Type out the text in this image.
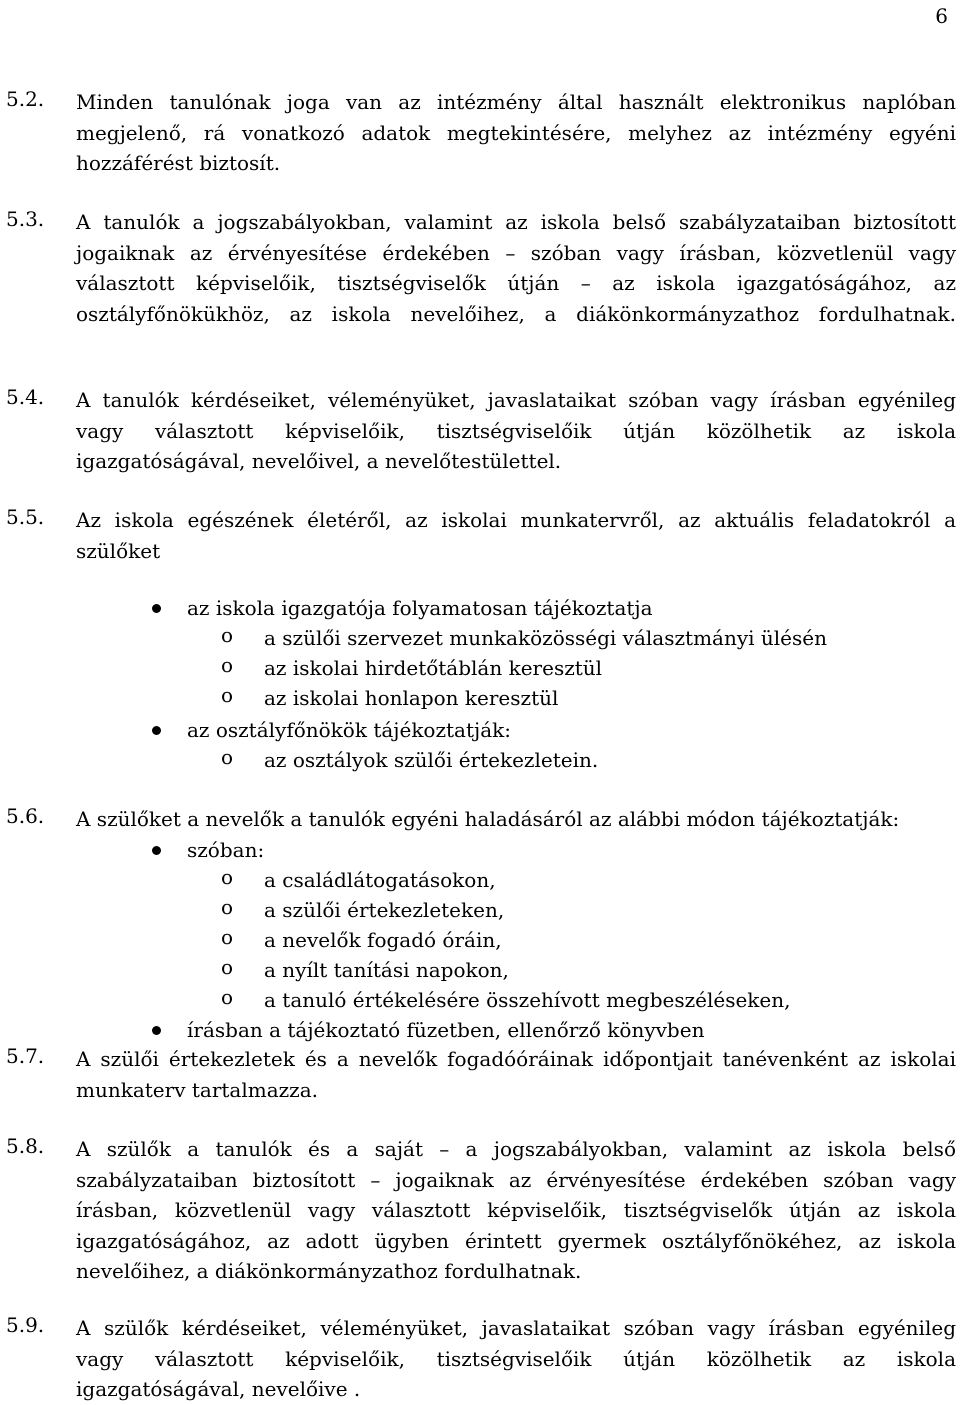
6
5.2. Minden tanulónak joga van az intézmény által használt elektronikus naplóban
megjelenő, rá vonatkozó adatok megtekintésére, melyhez az intézmény egyéni
hozzáférést biztosít.
5.3. A tanulók a jogszabályokban, valamint az iskola belső szabályzataiban biztosított
jogaiknak az érvényesítése érdekében – szóban vagy írásban, közvetlenül vagy
választott képviselőik, tisztségviselők útján – az iskola igazgatóságához, az
osztályfőnökükhöz, az iskola nevelőihez, a diákönkormányzathoz fordulhatnak.
5.4. A tanulók kérdéseiket, véleményüket, javaslataikat szóban vagy írásban egyénileg
vagy választott képviselőik, tisztségviselőik útján közölhetik az iskola
igazgatóságával, nevelőivel, a nevelőtestülettel.
5.5. Az iskola egészének életéről, az iskolai munkatervről, az aktuális feladatokról a
szülőket
az iskola igazgatója folyamatosan tájékoztatja
o a szülői szervezet munkaközösségi választmányi ülésén
o az iskolai hirdetőtáblán keresztül
o az iskolai honlapon keresztül
az osztályfőnökök tájékoztatják:
o az osztályok szülői értekezletein.
5.6. A szülőket a nevelők a tanulók egyéni haladásáról az alábbi módon tájékoztatják:
szóban:
o a családlátogatásokon,
o a szülői értekezleteken,
o a nevelők fogadó óráin,
o a nyílt tanítási napokon,
o a tanuló értékelésére összehívott megbeszéléseken,
írásban a tájékoztató füzetben, ellenőrző könyvben
5.7. A szülői értekezletek és a nevelők fogadóóráinak időpontjait tanévenként az iskolai
munkaterv tartalmazza.
5.8. A szülők a tanulók és a saját – a jogszabályokban, valamint az iskola belső
szabályzataiban biztosított – jogaiknak az érvényesítése érdekében szóban vagy
írásban, közvetlenül vagy választott képviselőik, tisztségviselők útján az iskola
igazgatóságához, az adott ügyben érintett gyermek osztályfőnökéhez, az iskola
nevelőihez, a diákönkormányzathoz fordulhatnak.
5.9. A szülők kérdéseiket, véleményüket, javaslataikat szóban vagy írásban egyénileg
vagy választott képviselőik, tisztségviselőik útján közölhetik az iskola
igazgatóságával, nevelőive .
